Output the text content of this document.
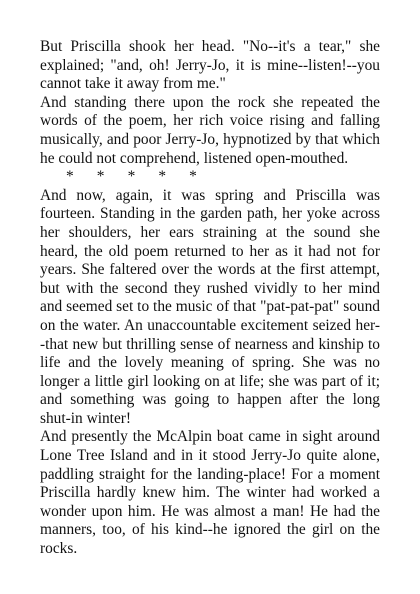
But Priscilla shook her head. "No--it's a tear," she explained; "and, oh! Jerry-Jo, it is mine--listen!--you cannot take it away from me."

And standing there upon the rock she repeated the words of the poem, her rich voice rising and falling musically, and poor Jerry-Jo, hypnotized by that which he could not comprehend, listened open-mouthed.

*      *      *      *      *

And now, again, it was spring and Priscilla was fourteen. Standing in the garden path, her yoke across her shoulders, her ears straining at the sound she heard, the old poem returned to her as it had not for years. She faltered over the words at the first attempt, but with the second they rushed vividly to her mind and seemed set to the music of that "pat-pat-pat" sound on the water. An unaccountable excitement seized her--that new but thrilling sense of nearness and kinship to life and the lovely meaning of spring. She was no longer a little girl looking on at life; she was part of it; and something was going to happen after the long shut-in winter!

And presently the McAlpin boat came in sight around Lone Tree Island and in it stood Jerry-Jo quite alone, paddling straight for the landing-place! For a moment Priscilla hardly knew him. The winter had worked a wonder upon him. He was almost a man! He had the manners, too, of his kind--he ignored the girl on the rocks.
